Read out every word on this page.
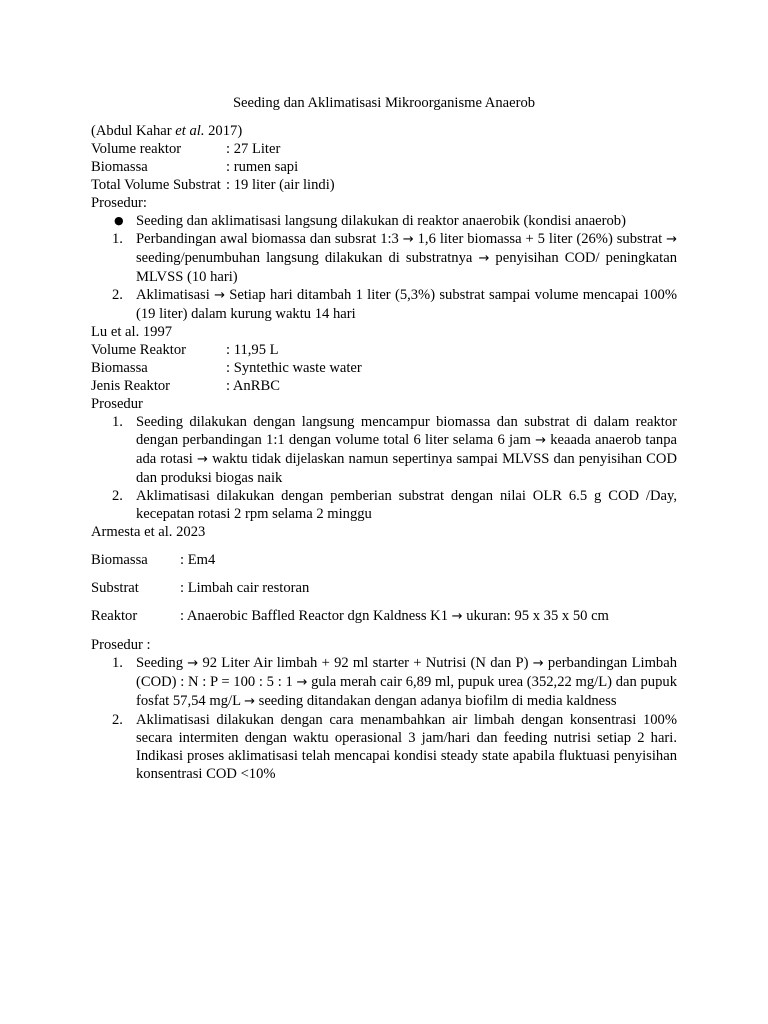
Seeding dan Aklimatisasi Mikroorganisme Anaerob
(Abdul Kahar et al. 2017)
Volume reaktor	: 27 Liter
Biomassa	: rumen sapi
Total Volume Substrat : 19 liter (air lindi)
Prosedur:
● Seeding dan aklimatisasi langsung dilakukan di reaktor anaerobik (kondisi anaerob)
1. Perbandingan awal biomassa dan subsrat 1:3 → 1,6 liter biomassa + 5 liter (26%) substrat → seeding/penumbuhan langsung dilakukan di substratnya → penyisihan COD/ peningkatan MLVSS (10 hari)
2. Aklimatisasi → Setiap hari ditambah 1 liter (5,3%) substrat sampai volume mencapai 100% (19 liter) dalam kurung waktu 14 hari
Lu et al. 1997
Volume Reaktor	: 11,95 L
Biomassa	: Syntethic waste water
Jenis Reaktor	: AnRBC
Prosedur
1. Seeding dilakukan dengan langsung mencampur biomassa dan substrat di dalam reaktor dengan perbandingan 1:1 dengan volume total 6 liter selama 6 jam → keaada anaerob tanpa ada rotasi → waktu tidak dijelaskan namun sepertinya sampai MLVSS dan penyisihan COD dan produksi biogas naik
2. Aklimatisasi dilakukan dengan pemberian substrat dengan nilai OLR 6.5 g COD /Day, kecepatan rotasi 2 rpm selama 2 minggu
Armesta et al. 2023
Biomassa	: Em4
Substrat	: Limbah cair restoran
Reaktor	: Anaerobic Baffled Reactor dgn Kaldness K1 → ukuran: 95 x 35 x 50 cm
Prosedur :
1. Seeding → 92 Liter Air limbah + 92 ml starter + Nutrisi (N dan P) → perbandingan Limbah (COD) : N : P = 100 : 5 : 1 → gula merah cair 6,89 ml, pupuk urea (352,22 mg/L) dan pupuk fosfat 57,54 mg/L → seeding ditandakan dengan adanya biofilm di media kaldness
2. Aklimatisasi dilakukan dengan cara menambahkan air limbah dengan konsentrasi 100% secara intermiten dengan waktu operasional 3 jam/hari dan feeding nutrisi setiap 2 hari. Indikasi proses aklimatisasi telah mencapai kondisi steady state apabila fluktuasi penyisihan konsentrasi COD <10%
